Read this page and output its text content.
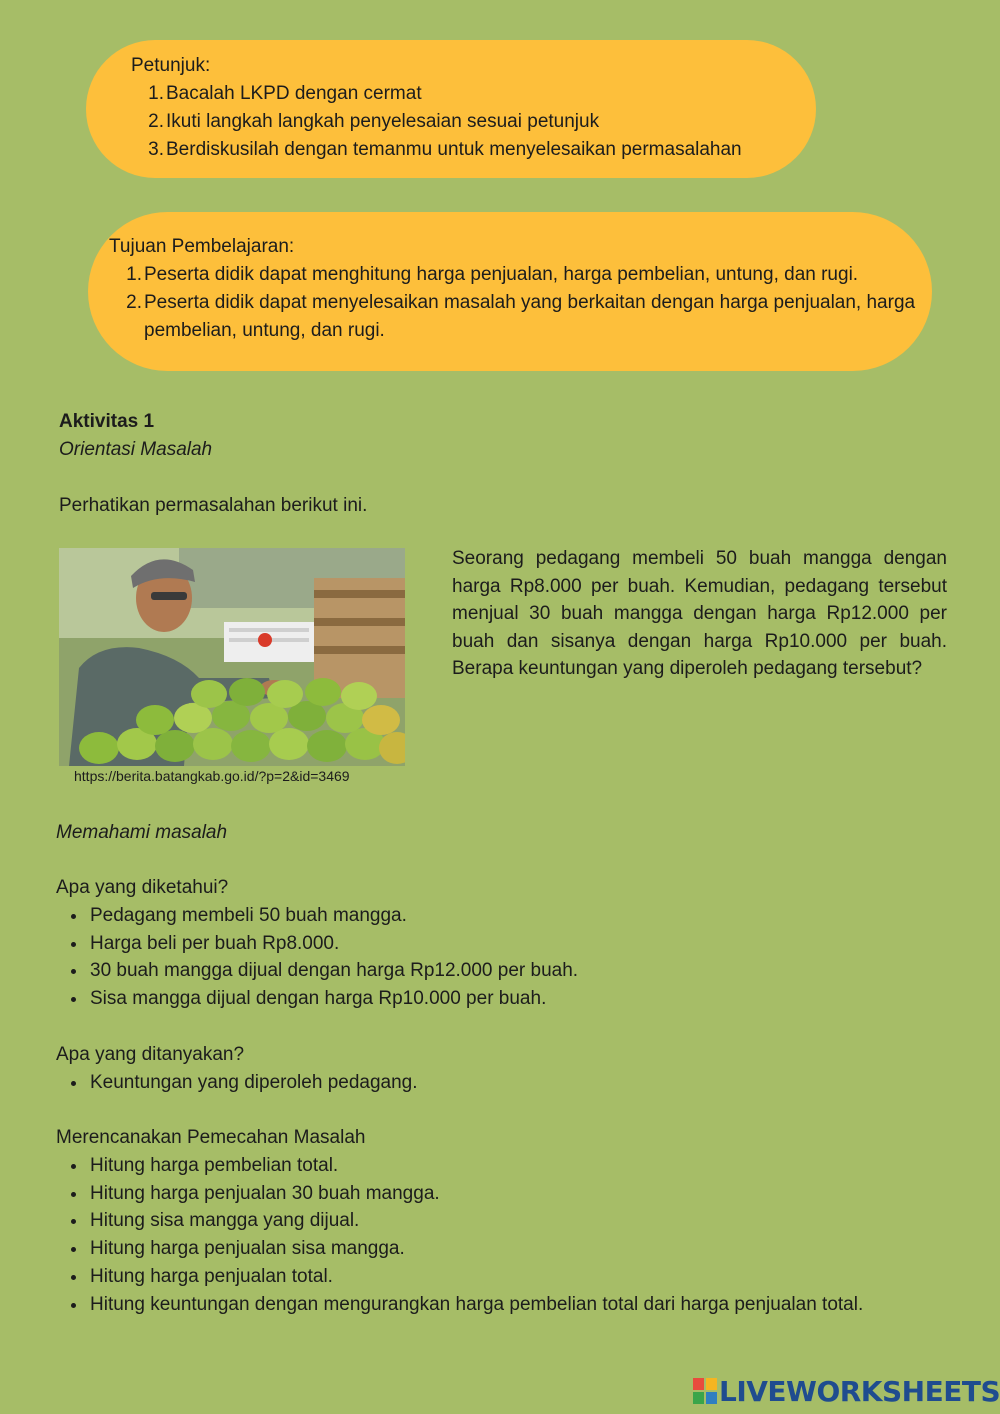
Petunjuk:
1. Bacalah LKPD dengan cermat
2. Ikuti langkah langkah penyelesaian sesuai petunjuk
3. Berdiskusilah dengan temanmu untuk menyelesaikan permasalahan
Tujuan Pembelajaran:
1. Peserta didik dapat menghitung harga penjualan, harga pembelian, untung, dan rugi.
2. Peserta didik dapat menyelesaikan masalah yang berkaitan dengan harga penjualan, harga pembelian, untung, dan rugi.
Aktivitas 1
Orientasi Masalah
Perhatikan permasalahan berikut ini.
https://berita.batangkab.go.id/?p=2&id=3469
Seorang pedagang membeli 50 buah mangga dengan harga Rp8.000 per buah. Kemudian, pedagang tersebut menjual 30 buah mangga dengan harga Rp12.000 per buah dan sisanya dengan harga Rp10.000 per buah. Berapa keuntungan yang diperoleh pedagang tersebut?
Memahami masalah
Apa yang diketahui?
Pedagang membeli 50 buah mangga.
Harga beli per buah Rp8.000.
30 buah mangga dijual dengan harga Rp12.000 per buah.
Sisa mangga dijual dengan harga Rp10.000 per buah.
Apa yang ditanyakan?
Keuntungan yang diperoleh pedagang.
Merencanakan Pemecahan Masalah
Hitung harga pembelian total.
Hitung harga penjualan 30 buah mangga.
Hitung sisa mangga yang dijual.
Hitung harga penjualan sisa mangga.
Hitung harga penjualan total.
Hitung keuntungan dengan mengurangkan harga pembelian total dari harga penjualan total.
LIVEWORKSHEETS
